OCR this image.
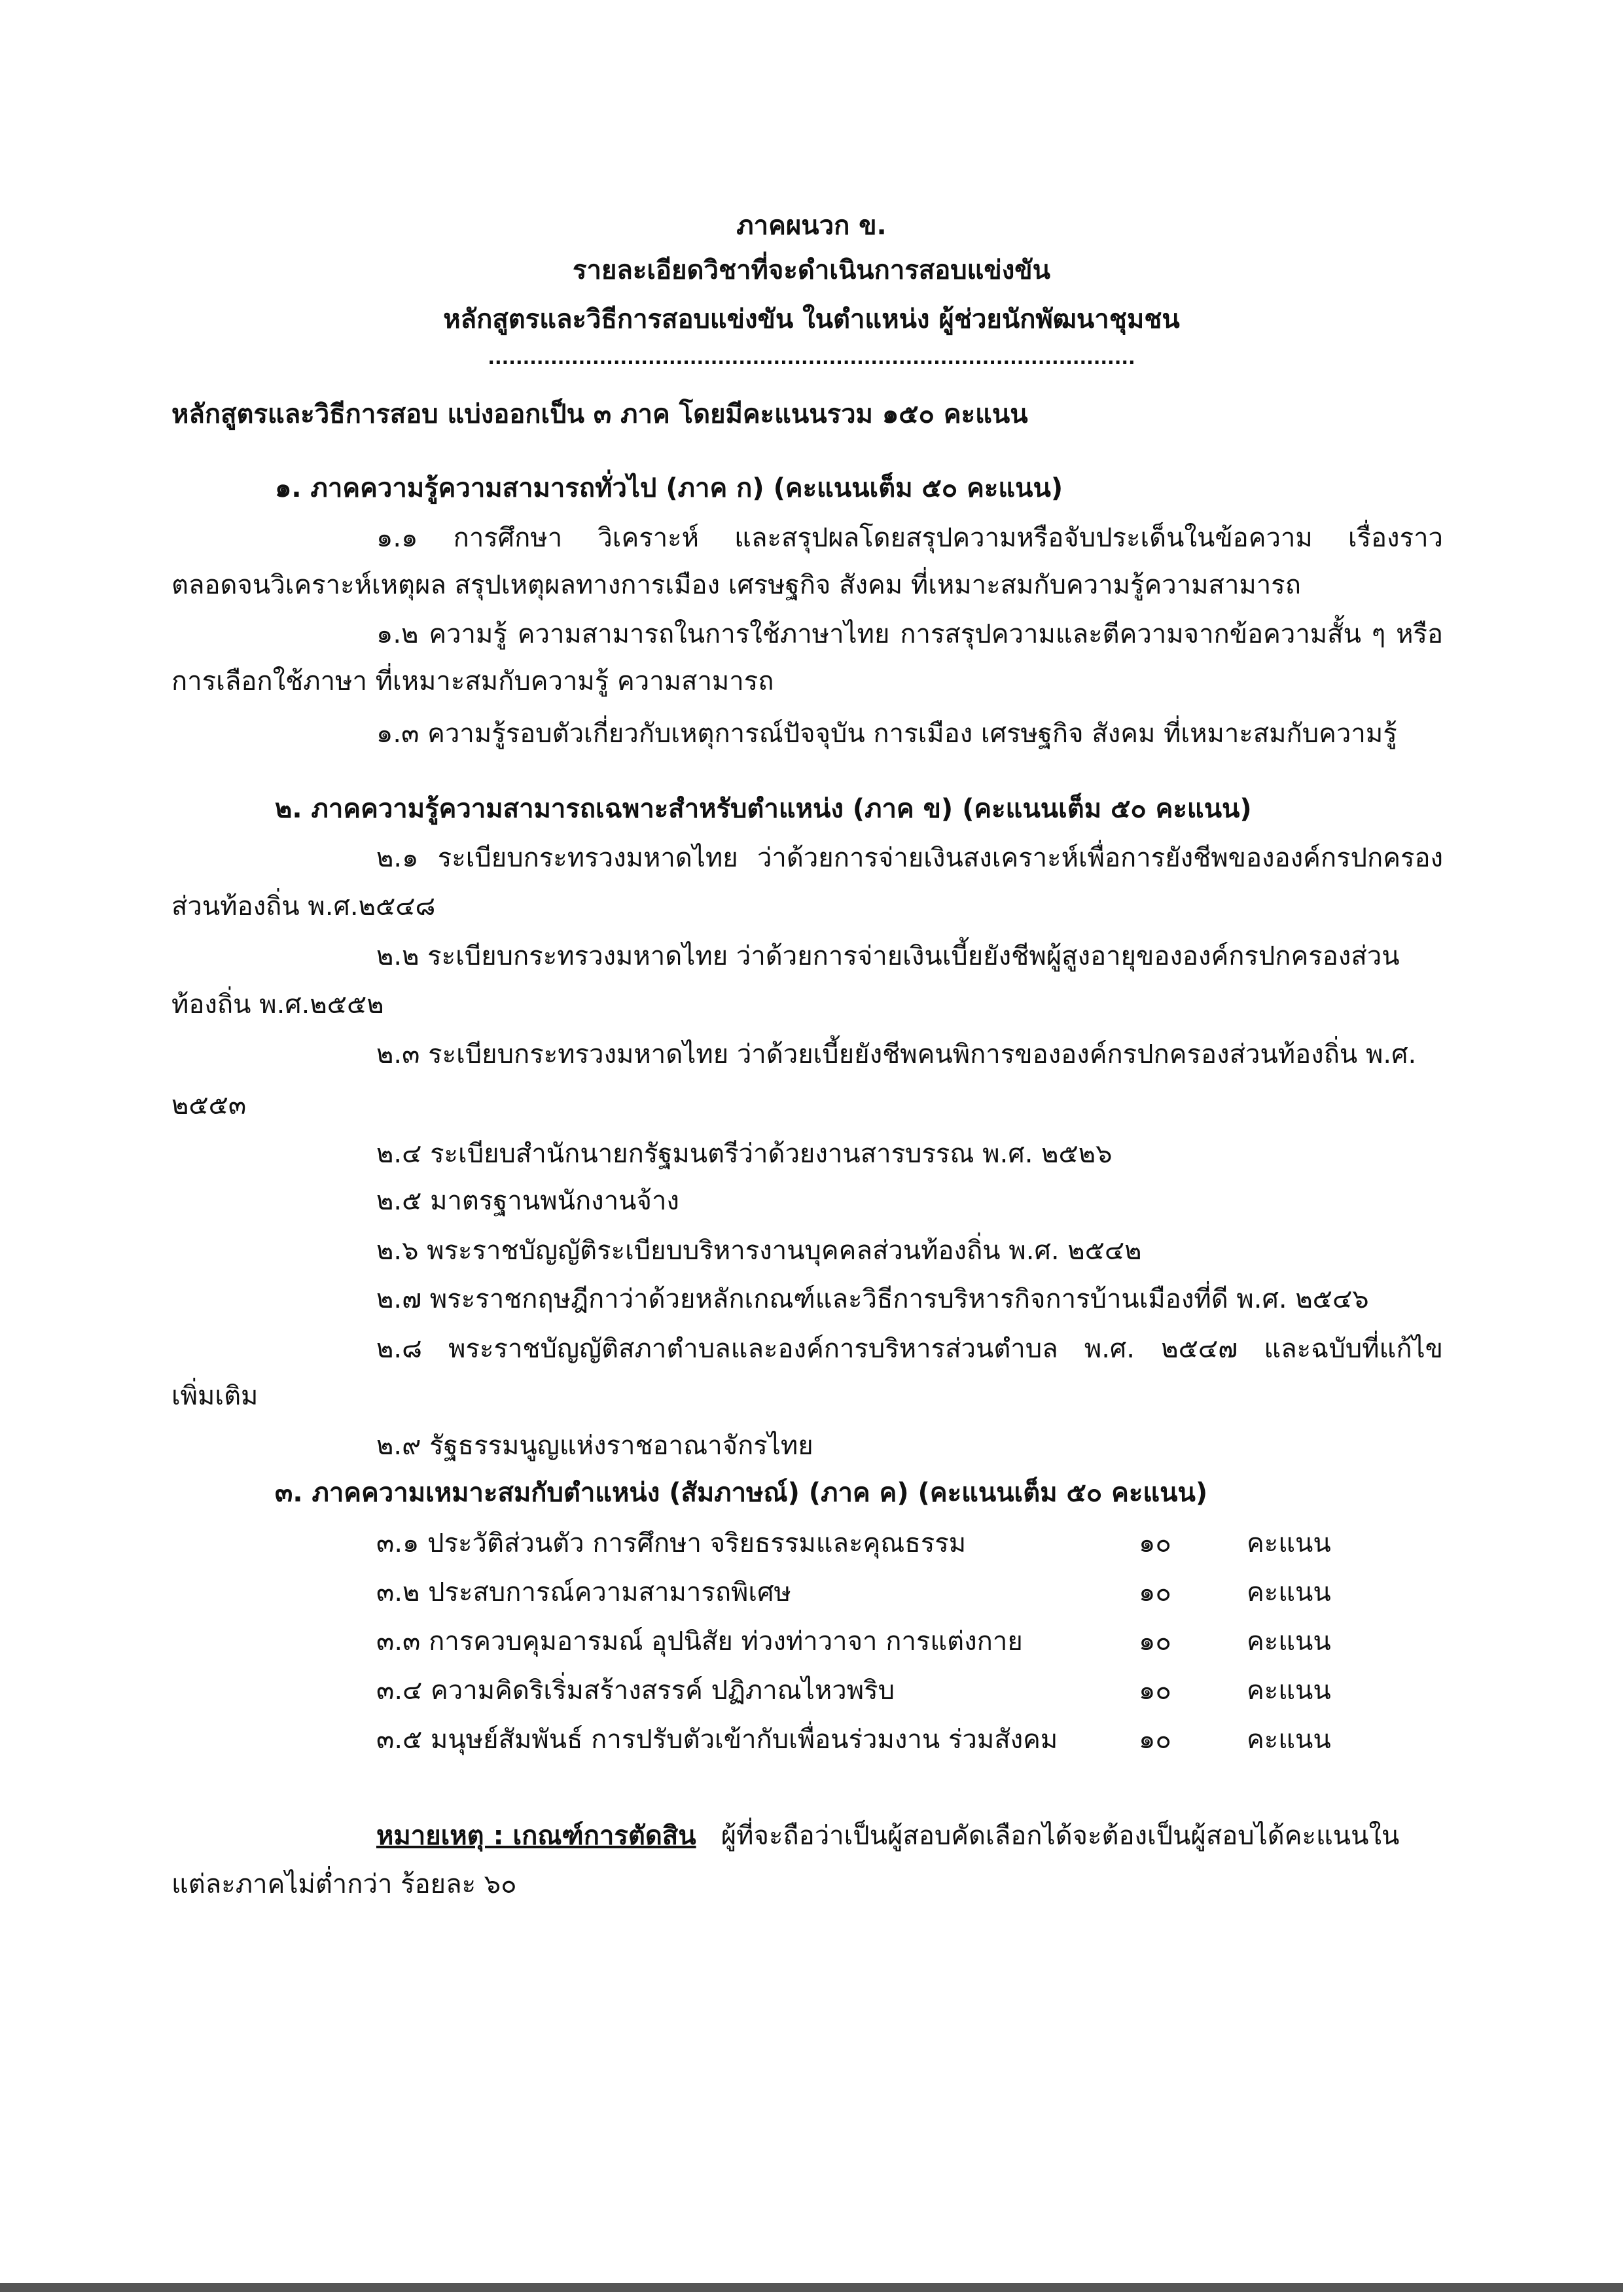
ภาคผนวก ข.
รายละเอียดวิชาที่จะดำเนินการสอบแข่งขัน
หลักสูตรและวิธีการสอบแข่งขัน ในตำแหน่ง ผู้ช่วยนักพัฒนาชุมชน
.............................................................................................
หลักสูตรและวิธีการสอบ แบ่งออกเป็น ๓ ภาค โดยมีคะแนนรวม ๑๕๐ คะแนน
๑. ภาคความรู้ความสามารถทั่วไป (ภาค ก) (คะแนนเต็ม ๕๐ คะแนน)
๑.๑ การศึกษา วิเคราะห์ และสรุปผลโดยสรุปความหรือจับประเด็นในข้อความ เรื่องราว
ตลอดจนวิเคราะห์เหตุผล สรุปเหตุผลทางการเมือง เศรษฐกิจ สังคม ที่เหมาะสมกับความรู้ความสามารถ
๑.๒ ความรู้ ความสามารถในการใช้ภาษาไทย การสรุปความและตีความจากข้อความสั้น ๆ หรือ
การเลือกใช้ภาษา ที่เหมาะสมกับความรู้ ความสามารถ
๑.๓ ความรู้รอบตัวเกี่ยวกับเหตุการณ์ปัจจุบัน การเมือง เศรษฐกิจ สังคม ที่เหมาะสมกับความรู้
๒. ภาคความรู้ความสามารถเฉพาะสำหรับตำแหน่ง (ภาค ข) (คะแนนเต็ม ๕๐ คะแนน)
๒.๑ ระเบียบกระทรวงมหาดไทย ว่าด้วยการจ่ายเงินสงเคราะห์เพื่อการยังชีพขององค์กรปกครอง
ส่วนท้องถิ่น พ.ศ.๒๕๔๘
๒.๒ ระเบียบกระทรวงมหาดไทย ว่าด้วยการจ่ายเงินเบี้ยยังชีพผู้สูงอายุขององค์กรปกครองส่วน
ท้องถิ่น พ.ศ.๒๕๕๒
๒.๓ ระเบียบกระทรวงมหาดไทย ว่าด้วยเบี้ยยังชีพคนพิการขององค์กรปกครองส่วนท้องถิ่น พ.ศ.
๒๕๕๓
๒.๔ ระเบียบสำนักนายกรัฐมนตรีว่าด้วยงานสารบรรณ พ.ศ. ๒๕๒๖
๒.๕ มาตรฐานพนักงานจ้าง
๒.๖ พระราชบัญญัติระเบียบบริหารงานบุคคลส่วนท้องถิ่น พ.ศ. ๒๕๔๒
๒.๗ พระราชกฤษฎีกาว่าด้วยหลักเกณฑ์และวิธีการบริหารกิจการบ้านเมืองที่ดี พ.ศ. ๒๕๔๖
๒.๘ พระราชบัญญัติสภาตำบลและองค์การบริหารส่วนตำบล พ.ศ. ๒๕๔๗ และฉบับที่แก้ไข
เพิ่มเติม
๒.๙ รัฐธรรมนูญแห่งราชอาณาจักรไทย
๓. ภาคความเหมาะสมกับตำแหน่ง (สัมภาษณ์) (ภาค ค) (คะแนนเต็ม ๕๐ คะแนน)
๓.๑ ประวัติส่วนตัว การศึกษา จริยธรรมและคุณธรรม	๑๐	คะแนน
๓.๒ ประสบการณ์ความสามารถพิเศษ	๑๐	คะแนน
๓.๓ การควบคุมอารมณ์ อุปนิสัย ท่วงท่าวาจา การแต่งกาย	๑๐	คะแนน
๓.๔ ความคิดริเริ่มสร้างสรรค์ ปฏิภาณไหวพริบ	๑๐	คะแนน
๓.๕ มนุษย์สัมพันธ์ การปรับตัวเข้ากับเพื่อนร่วมงาน ร่วมสังคม	๑๐	คะแนน
หมายเหตุ : เกณฑ์การตัดสิน ผู้ที่จะถือว่าเป็นผู้สอบคัดเลือกได้จะต้องเป็นผู้สอบได้คะแนนใน
แต่ละภาคไม่ต่ำกว่า ร้อยละ ๖๐
